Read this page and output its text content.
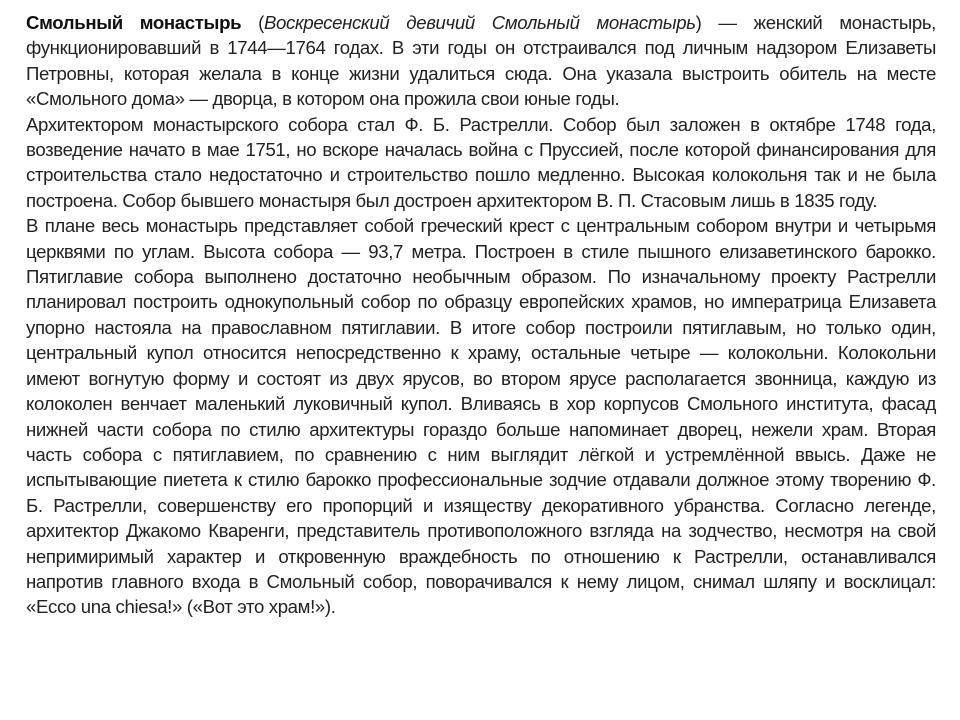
Смольный монастырь (Воскресенский девичий Смольный монастырь) — женский монастырь, функционировавший в 1744—1764 годах. В эти годы он отстраивался под личным надзором Елизаветы Петровны, которая желала в конце жизни удалиться сюда. Она указала выстроить обитель на месте «Смольного дома» — дворца, в котором она прожила свои юные годы.

Архитектором монастырского собора стал Ф. Б. Растрелли. Собор был заложен в октябре 1748 года, возведение начато в мае 1751, но вскоре началась война с Пруссией, после которой финансирования для строительства стало недостаточно и строительство пошло медленно. Высокая колокольня так и не была построена. Собор бывшего монастыря был достроен архитектором В. П. Стасовым лишь в 1835 году.

В плане весь монастырь представляет собой греческий крест с центральным собором внутри и четырьмя церквями по углам. Высота собора — 93,7 метра. Построен в стиле пышного елизаветинского барокко. Пятиглавие собора выполнено достаточно необычным образом. По изначальному проекту Растрелли планировал построить однокупольный собор по образцу европейских храмов, но императрица Елизавета упорно настояла на православном пятиглавии. В итоге собор построили пятиглавым, но только один, центральный купол относится непосредственно к храму, остальные четыре — колокольни. Колокольни имеют вогнутую форму и состоят из двух ярусов, во втором ярусе располагается звонница, каждую из колоколен венчает маленький луковичный купол. Вливаясь в хор корпусов Смольного института, фасад нижней части собора по стилю архитектуры гораздо больше напоминает дворец, нежели храм. Вторая часть собора с пятиглавием, по сравнению с ним выглядит лёгкой и устремлённой ввысь. Даже не испытывающие пиетета к стилю барокко профессиональные зодчие отдавали должное этому творению Ф. Б. Растрелли, совершенству его пропорций и изяществу декоративного убранства. Согласно легенде, архитектор Джакомо Кваренги, представитель противоположного взгляда на зодчество, несмотря на свой непримиримый характер и откровенную враждебность по отношению к Растрелли, останавливался напротив главного входа в Смольный собор, поворачивался к нему лицом, снимал шляпу и восклицал: «Ecco una chiesa!» («Вот это храм!»).
